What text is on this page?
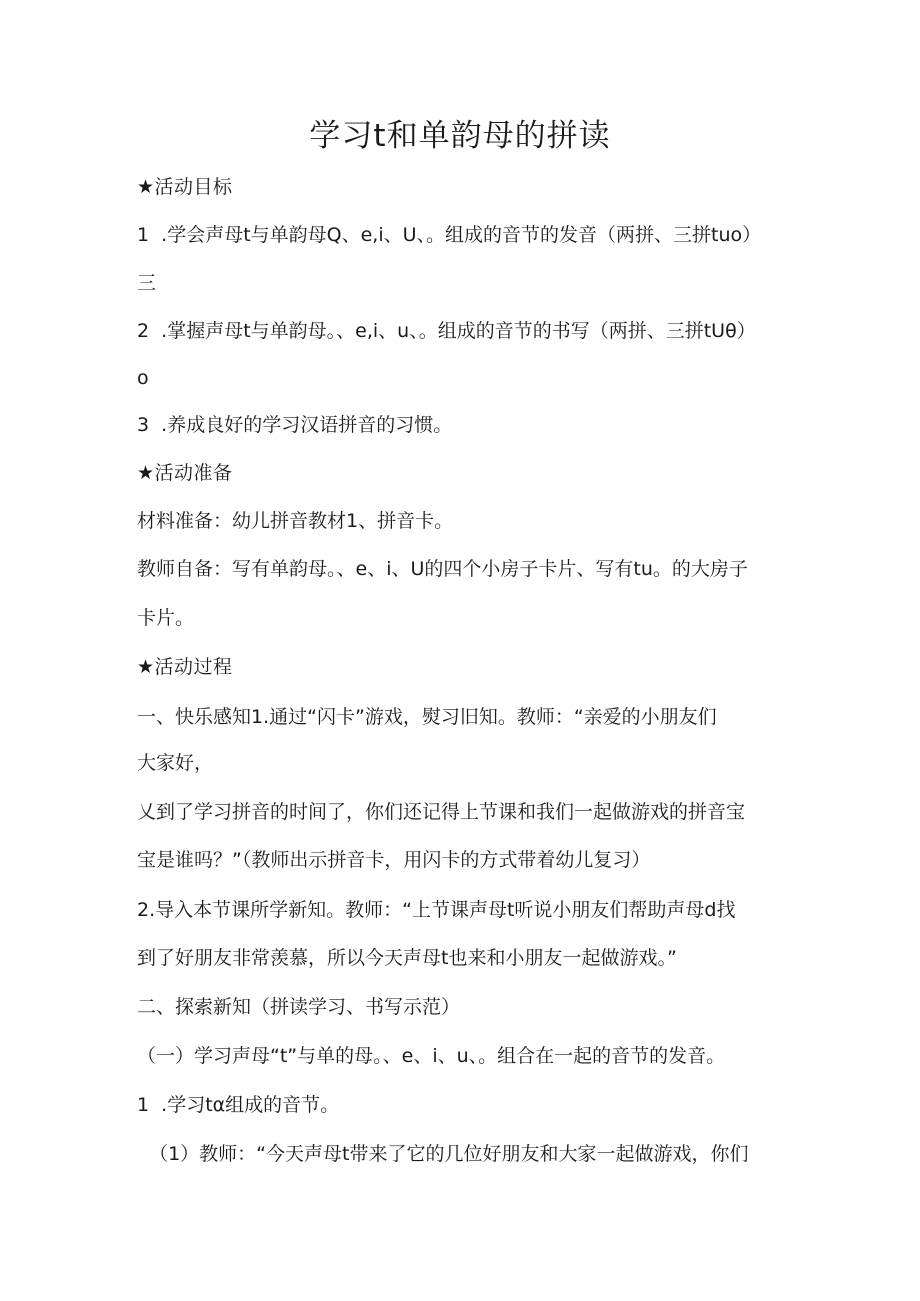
学习t和单韵母的拼读
★活动目标
1  .学会声母t与单韵母Q、e,i、U、。组成的音节的发音（两拼、三拼tuo）
三
2  .掌握声母t与单韵母。、e,i、u、。组成的音节的书写（两拼、三拼tUθ）
o
3  .养成良好的学习汉语拼音的习惯。
★活动准备
材料准备：幼儿拼音教材1、拼音卡。
教师自备：写有单韵母。、e、i、U的四个小房子卡片、写有tu。的大房子
卡片。
★活动过程
一、快乐感知1.通过“闪卡”游戏，熨习旧知。教师：“亲爱的小朋友们
大家好，
乂到了学习拼音的时间了，你们还记得上节课和我们一起做游戏的拼音宝
宝是谁吗？”（教师出示拼音卡，用闪卡的方式带着幼儿复习）
2.导入本节课所学新知。教师：“上节课声母t听说小朋友们帮助声母d找
到了好朋友非常羡慕，所以今天声母t也来和小朋友一起做游戏。”
二、探索新知（拼读学习、书写示范）
（一）学习声母“t”与单的母。、e、i、u、。组合在一起的音节的发音。
1  .学习tα组成的音节。
（1）教师：“今天声母t带来了它的几位好朋友和大家一起做游戏，你们
